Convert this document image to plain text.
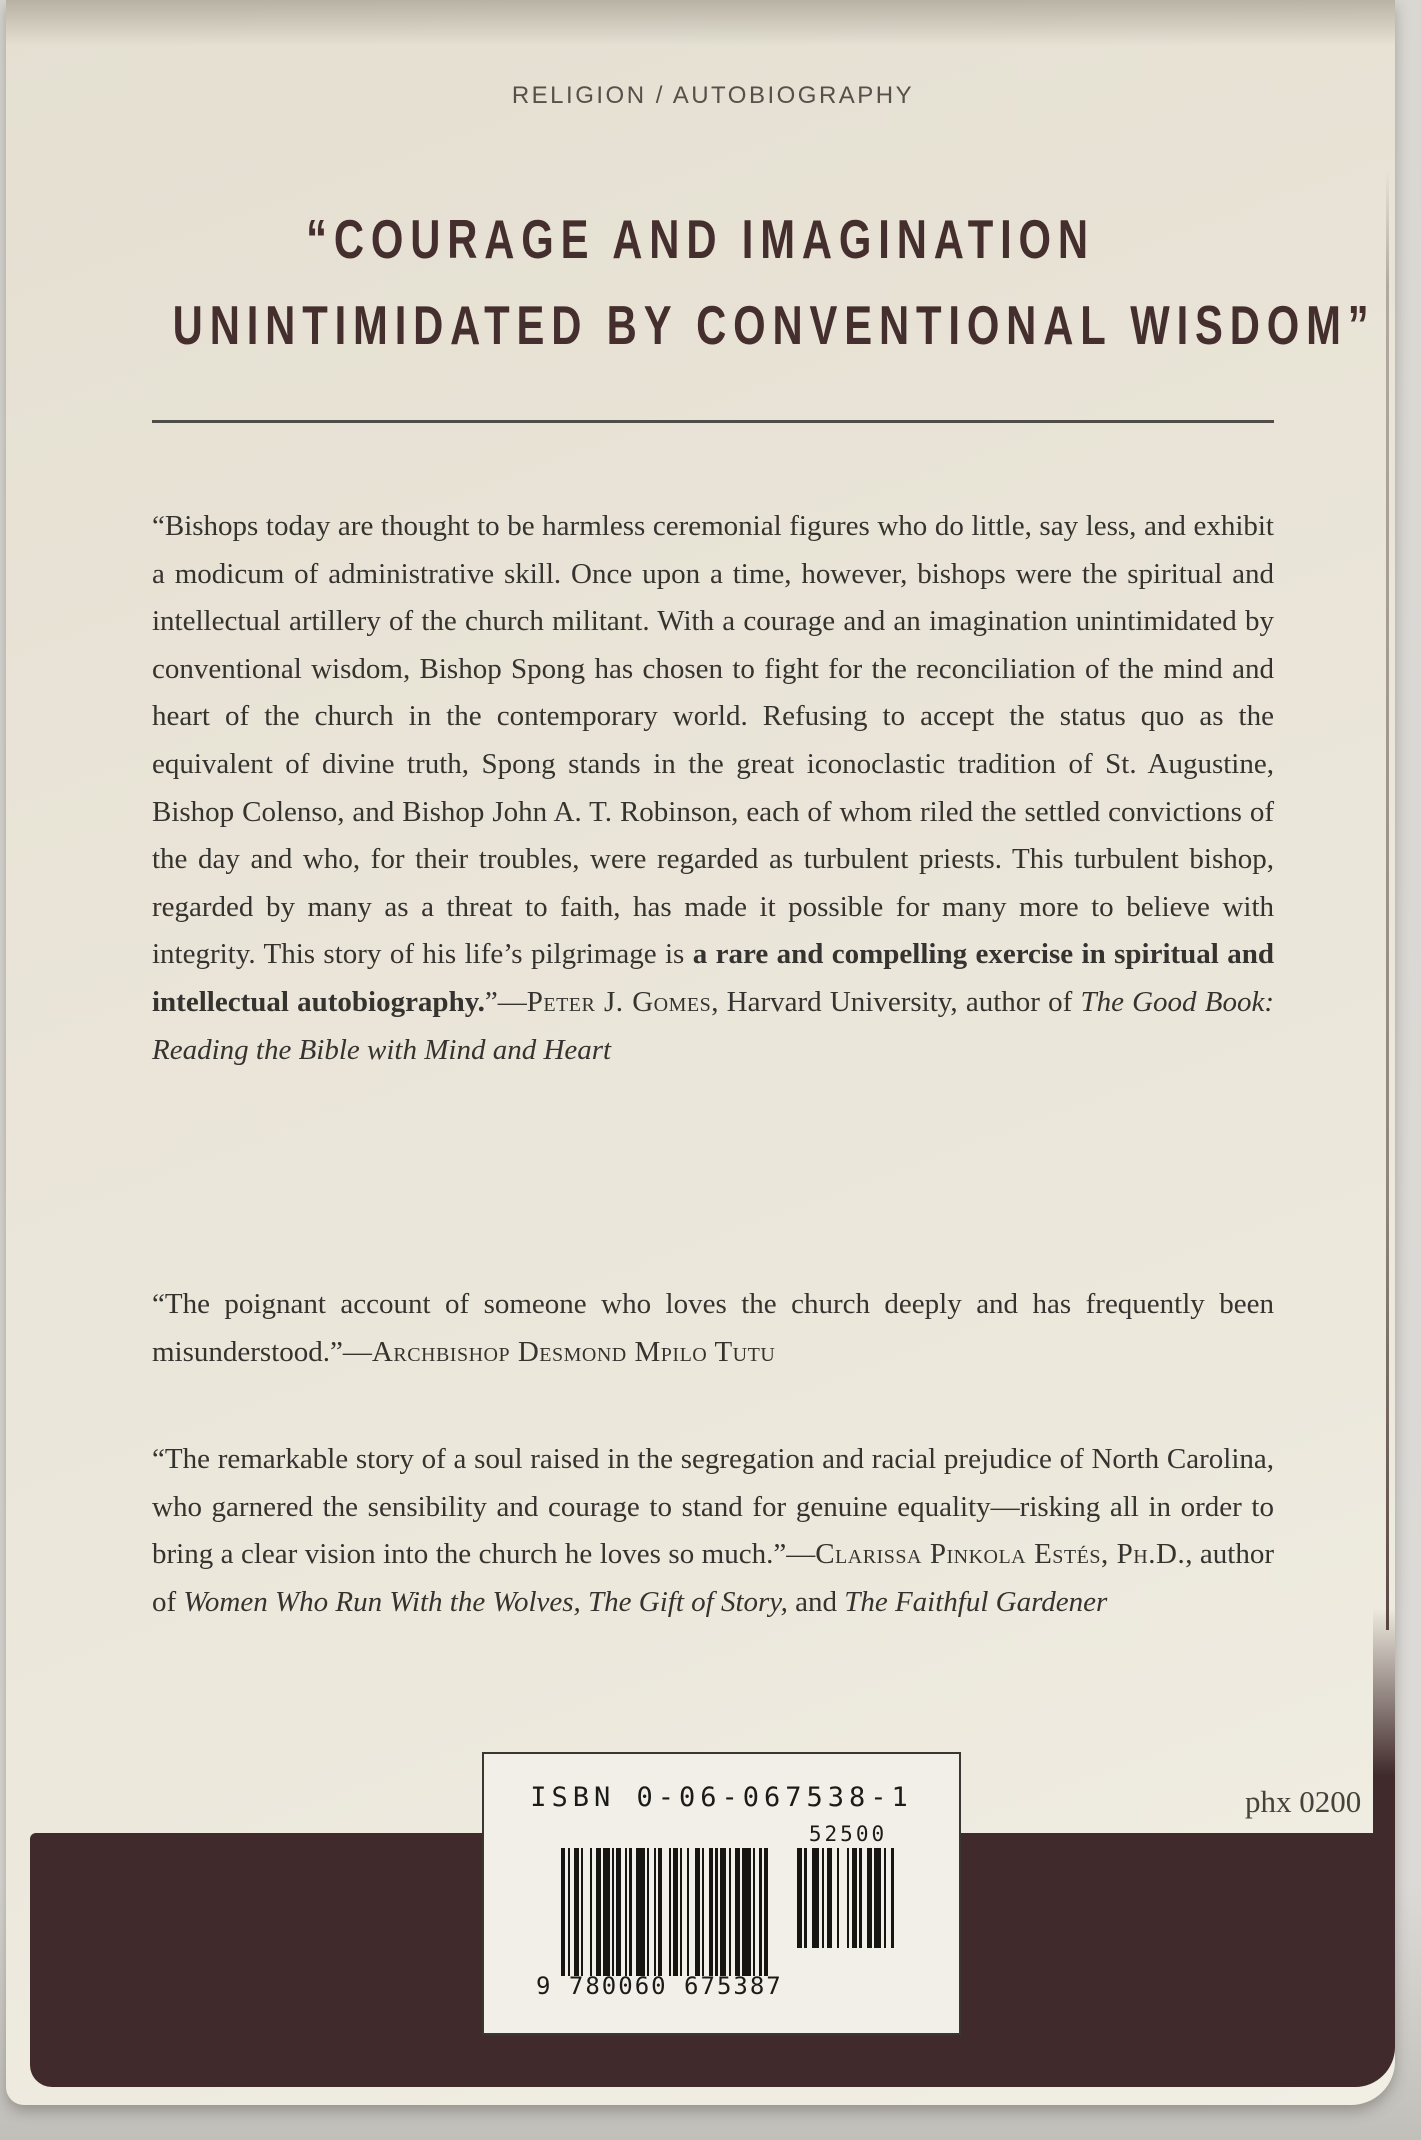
RELIGION / AUTOBIOGRAPHY
“COURAGE AND IMAGINATION
UNINTIMIDATED BY CONVENTIONAL WISDOM”
“Bishops today are thought to be harmless ceremonial figures who do little, say less, and exhibit a modicum of administrative skill. Once upon a time, however, bishops were the spiritual and intellectual artillery of the church militant. With a courage and an imagination unintimidated by conventional wisdom, Bishop Spong has chosen to fight for the reconciliation of the mind and heart of the church in the contemporary world. Refusing to accept the status quo as the equivalent of divine truth, Spong stands in the great iconoclastic tradition of St. Augustine, Bishop Colenso, and Bishop John A. T. Robinson, each of whom riled the settled convictions of the day and who, for their troubles, were regarded as turbulent priests. This turbulent bishop, regarded by many as a threat to faith, has made it possible for many more to believe with integrity. This story of his life’s pilgrimage is a rare and compelling exercise in spiritual and intellectual autobiography.”—Peter J. Gomes, Harvard University, author of The Good Book: Reading the Bible with Mind and Heart
“The poignant account of someone who loves the church deeply and has frequently been misunderstood.”—Archbishop Desmond Mpilo Tutu
“The remarkable story of a soul raised in the segregation and racial prejudice of North Carolina, who garnered the sensibility and courage to stand for genuine equality—risking all in order to bring a clear vision into the church he loves so much.”—Clarissa Pinkola Estés, Ph.D., author of Women Who Run With the Wolves, The Gift of Story, and The Faithful Gardener
ISBN 0-06-067538-1
52500
9 780060 675387
phx 0200
